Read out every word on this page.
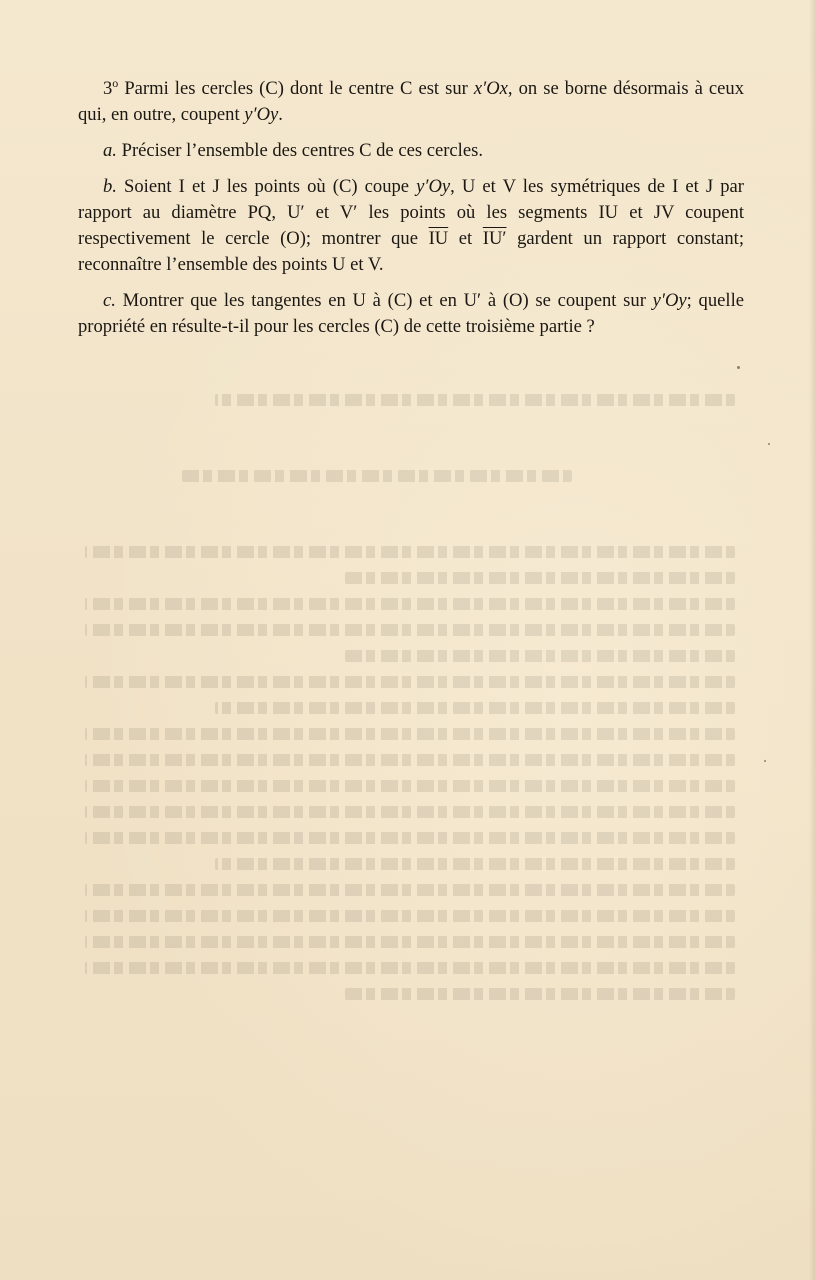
3$^o$ Parmi les cercles (C) dont le centre C est sur x′Ox, on se borne désormais à ceux qui, en outre, coupent y′Oy.

a. Préciser l’ensemble des centres C de ces cercles.

b. Soient I et J les points où (C) coupe y′Oy, U et V les symétriques de I et J par rapport au diamètre PQ, U′ et V′ les points où les segments IU et JV coupent respectivement le cercle (O); montrer que $\overline{IU}$ et IU′ gardent un rapport constant; reconnaître l’ensemble des points U et V.

c. Montrer que les tangentes en U à (C) et en U′ à (O) se coupent sur y′Oy; quelle propriété en résulte-t-il pour les cercles (C) de cette troisième partie ?
